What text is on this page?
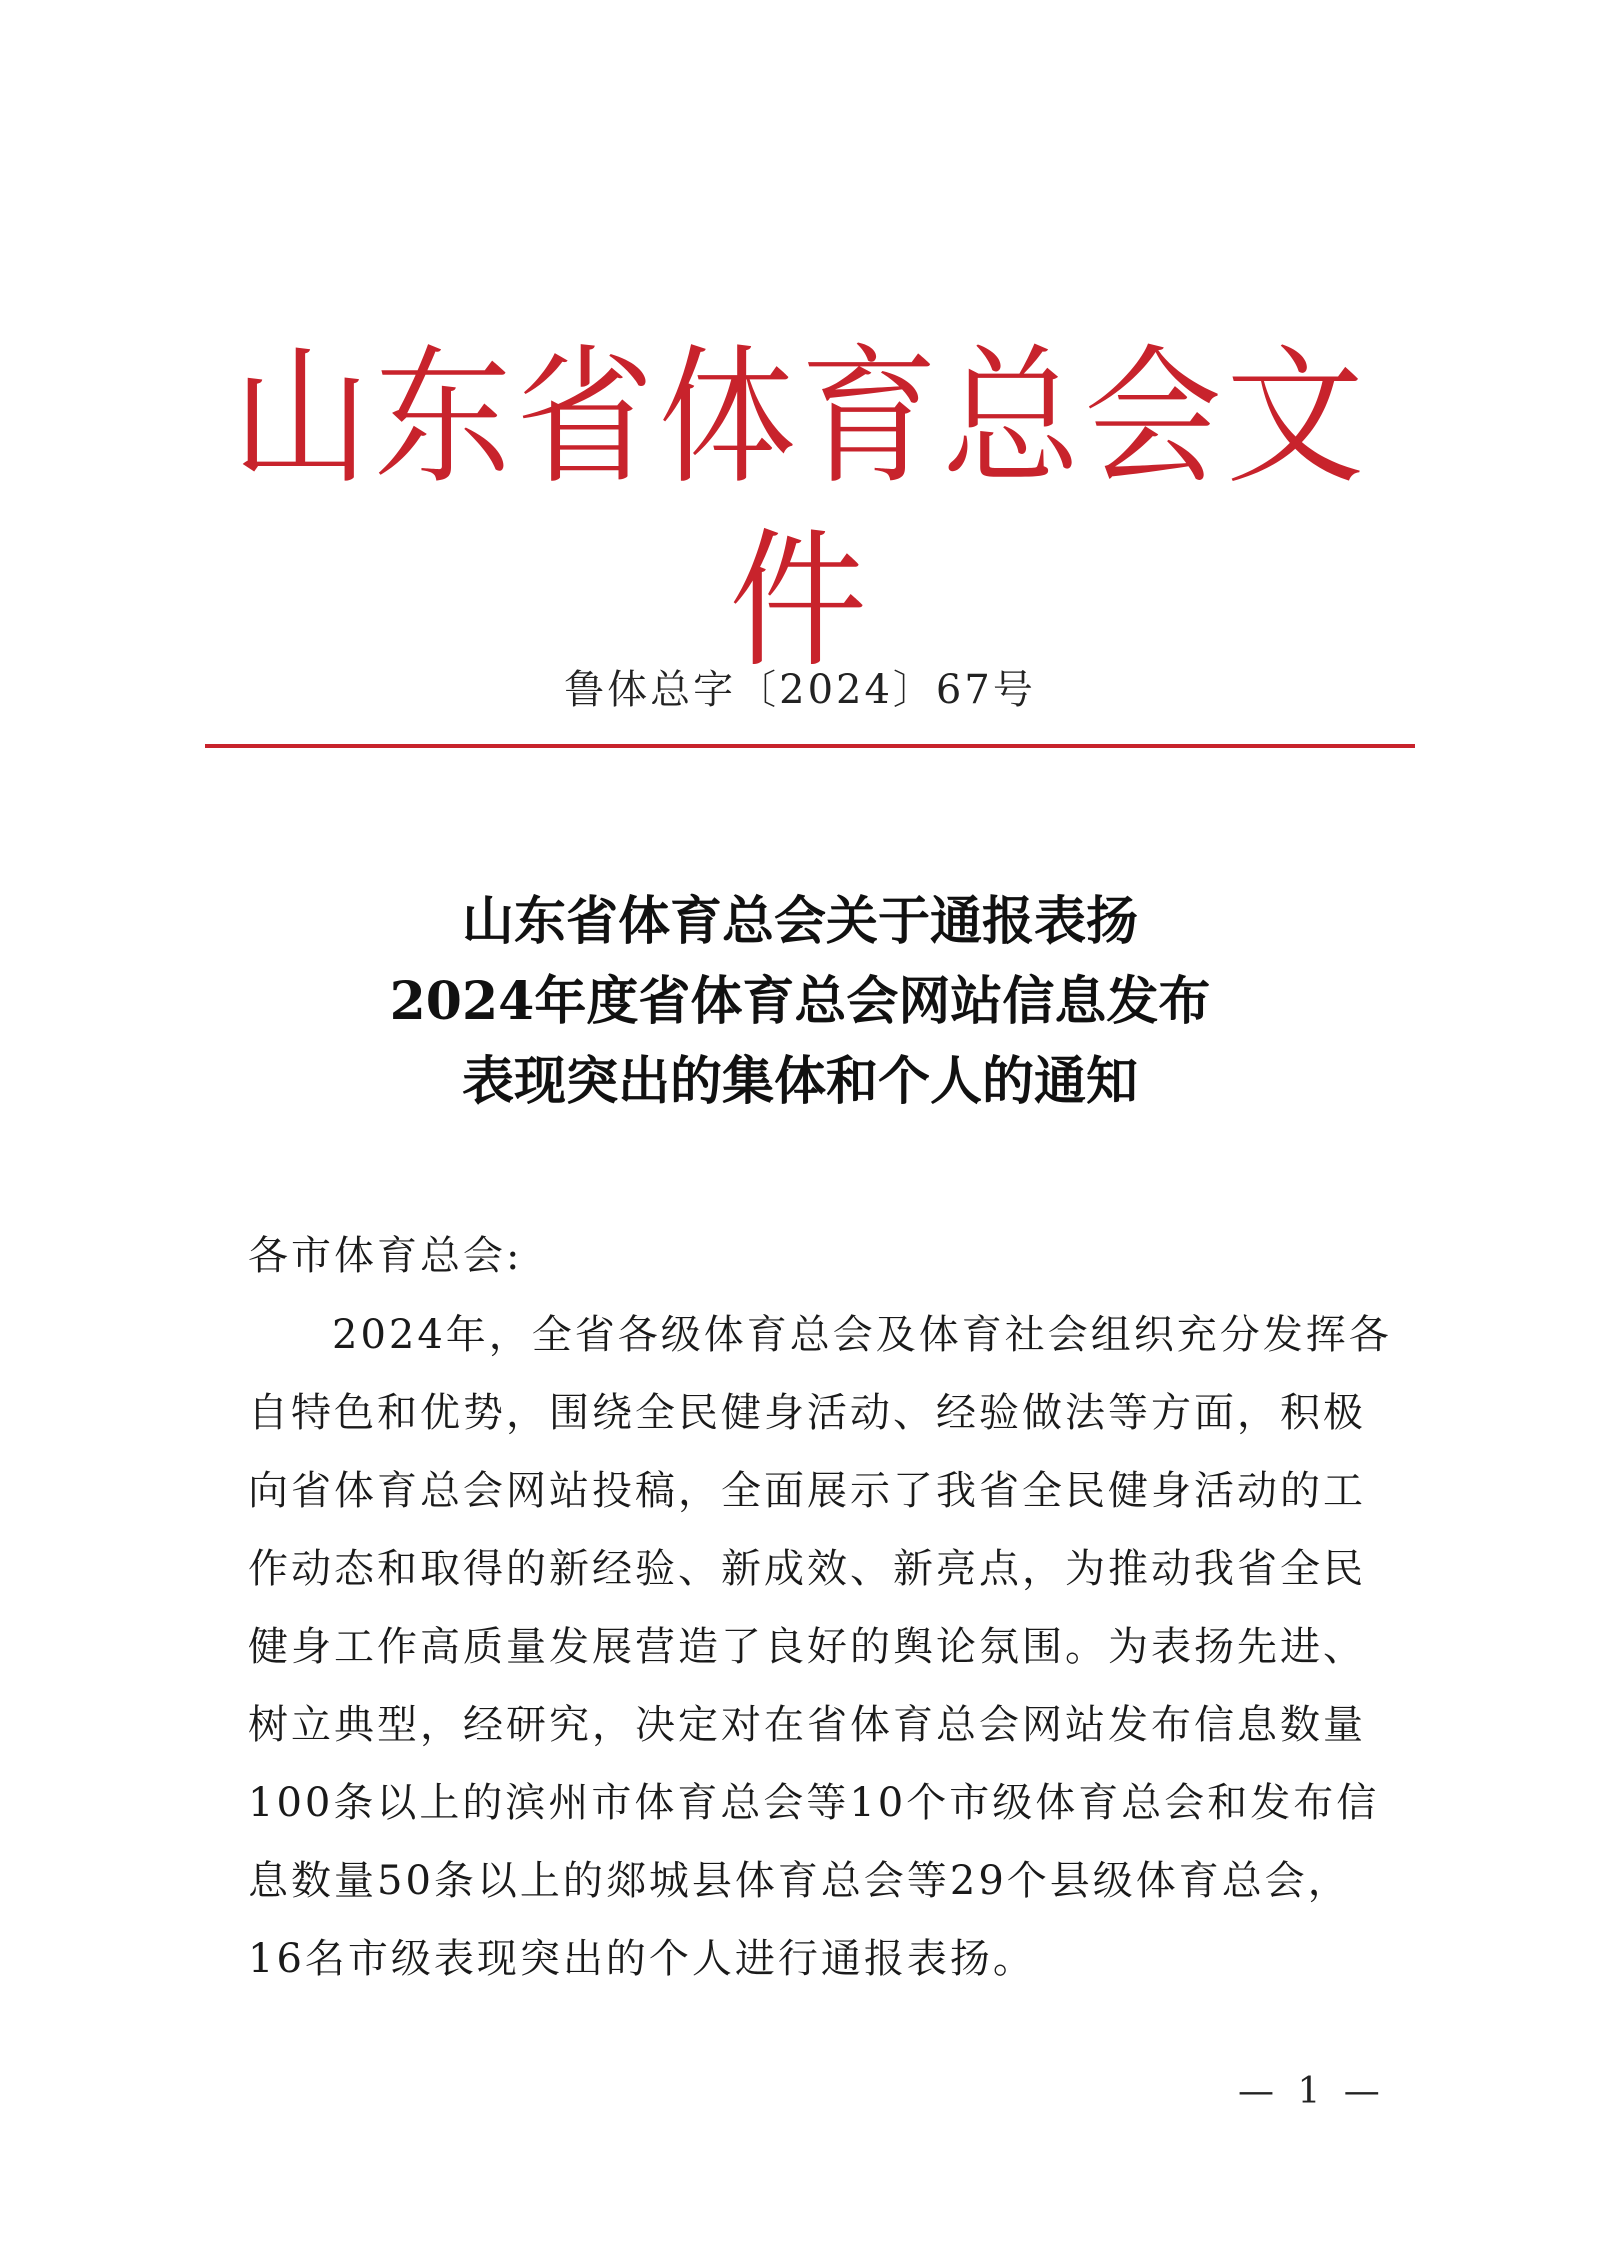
山东省体育总会文件
鲁体总字〔2024〕67号
山东省体育总会关于通报表扬
2024年度省体育总会网站信息发布
表现突出的集体和个人的通知
各市体育总会:
2024年，全省各级体育总会及体育社会组织充分发挥各
自特色和优势，围绕全民健身活动、经验做法等方面，积极
向省体育总会网站投稿，全面展示了我省全民健身活动的工
作动态和取得的新经验、新成效、新亮点，为推动我省全民
健身工作高质量发展营造了良好的舆论氛围。为表扬先进、
树立典型，经研究，决定对在省体育总会网站发布信息数量
100条以上的滨州市体育总会等10个市级体育总会和发布信
息数量50条以上的郯城县体育总会等29个县级体育总会，
16名市级表现突出的个人进行通报表扬。
— 1 —
